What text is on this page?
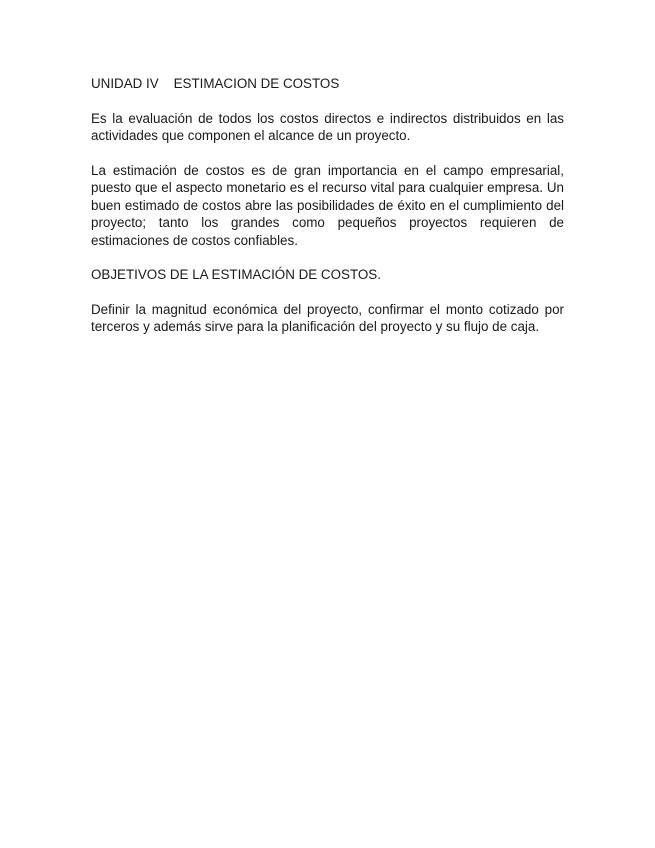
UNIDAD IV    ESTIMACION DE COSTOS
Es la evaluación de todos los costos directos e indirectos distribuidos en las actividades que componen el alcance de un proyecto.
La estimación de costos es de gran importancia en el campo empresarial, puesto que el aspecto monetario es el recurso vital para cualquier empresa. Un buen estimado de costos abre las posibilidades de éxito en el cumplimiento del proyecto; tanto los grandes como pequeños proyectos requieren de estimaciones de costos confiables.
OBJETIVOS DE LA ESTIMACIÓN DE COSTOS.
Definir la magnitud económica del proyecto, confirmar el monto cotizado por terceros y además sirve para la planificación del proyecto y su flujo de caja.
